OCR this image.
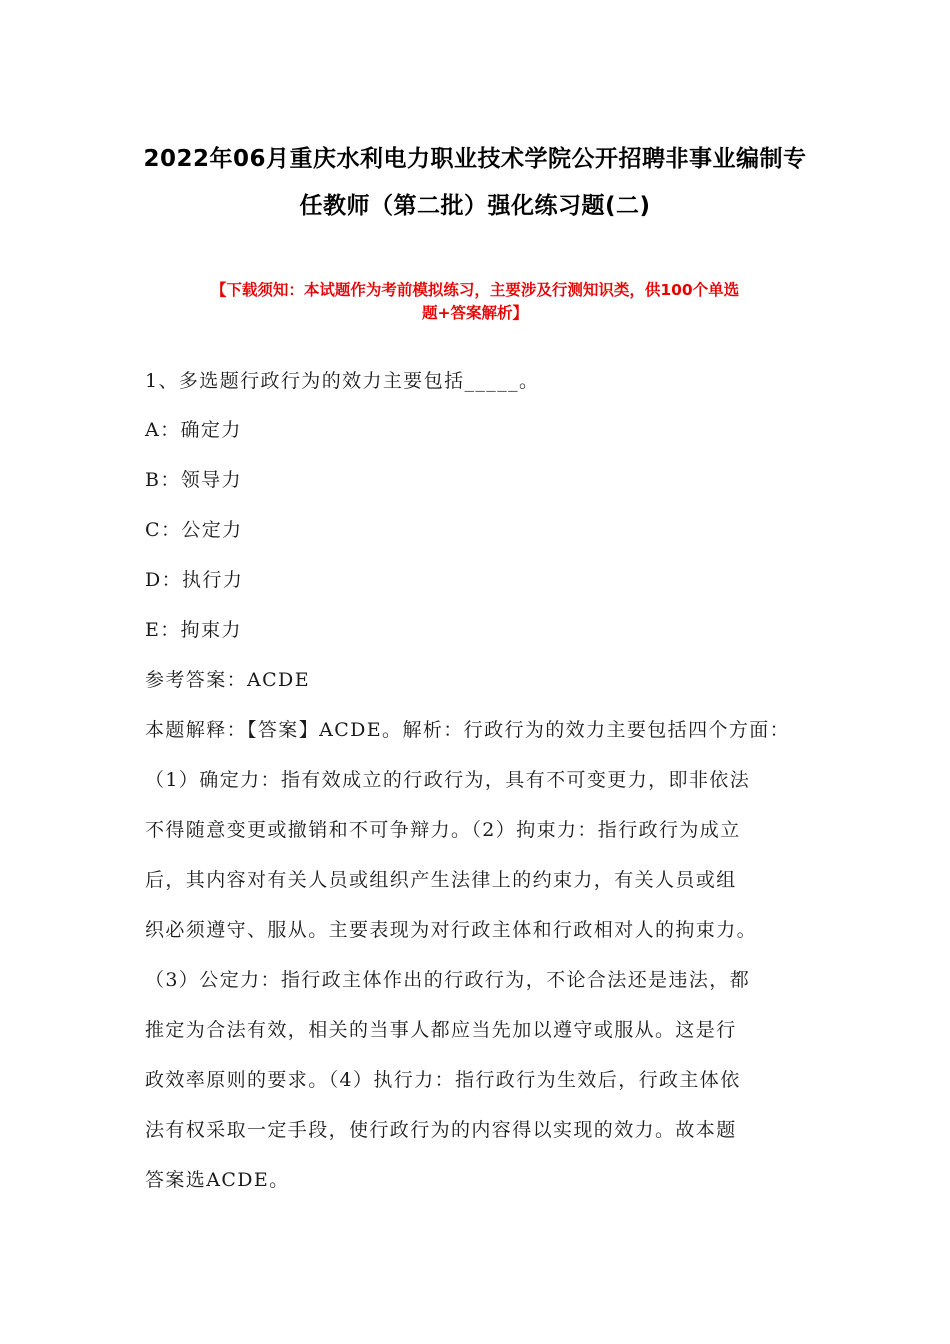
2022年06月重庆水利电力职业技术学院公开招聘非事业编制专
任教师（第二批）强化练习题(二)
【下载须知：本试题作为考前模拟练习，主要涉及行测知识类，供100个单选
题+答案解析】
1、多选题行政行为的效力主要包括_____。
A：确定力
B：领导力
C：公定力
D：执行力
E：拘束力
参考答案：ACDE
本题解释：【答案】ACDE。解析：行政行为的效力主要包括四个方面：
（1）确定力：指有效成立的行政行为，具有不可变更力，即非依法
不得随意变更或撤销和不可争辩力。（2）拘束力：指行政行为成立
后，其内容对有关人员或组织产生法律上的约束力，有关人员或组
织必须遵守、服从。主要表现为对行政主体和行政相对人的拘束力。
（3）公定力：指行政主体作出的行政行为，不论合法还是违法，都
推定为合法有效，相关的当事人都应当先加以遵守或服从。这是行
政效率原则的要求。（4）执行力：指行政行为生效后，行政主体依
法有权采取一定手段，使行政行为的内容得以实现的效力。故本题
答案选ACDE。
